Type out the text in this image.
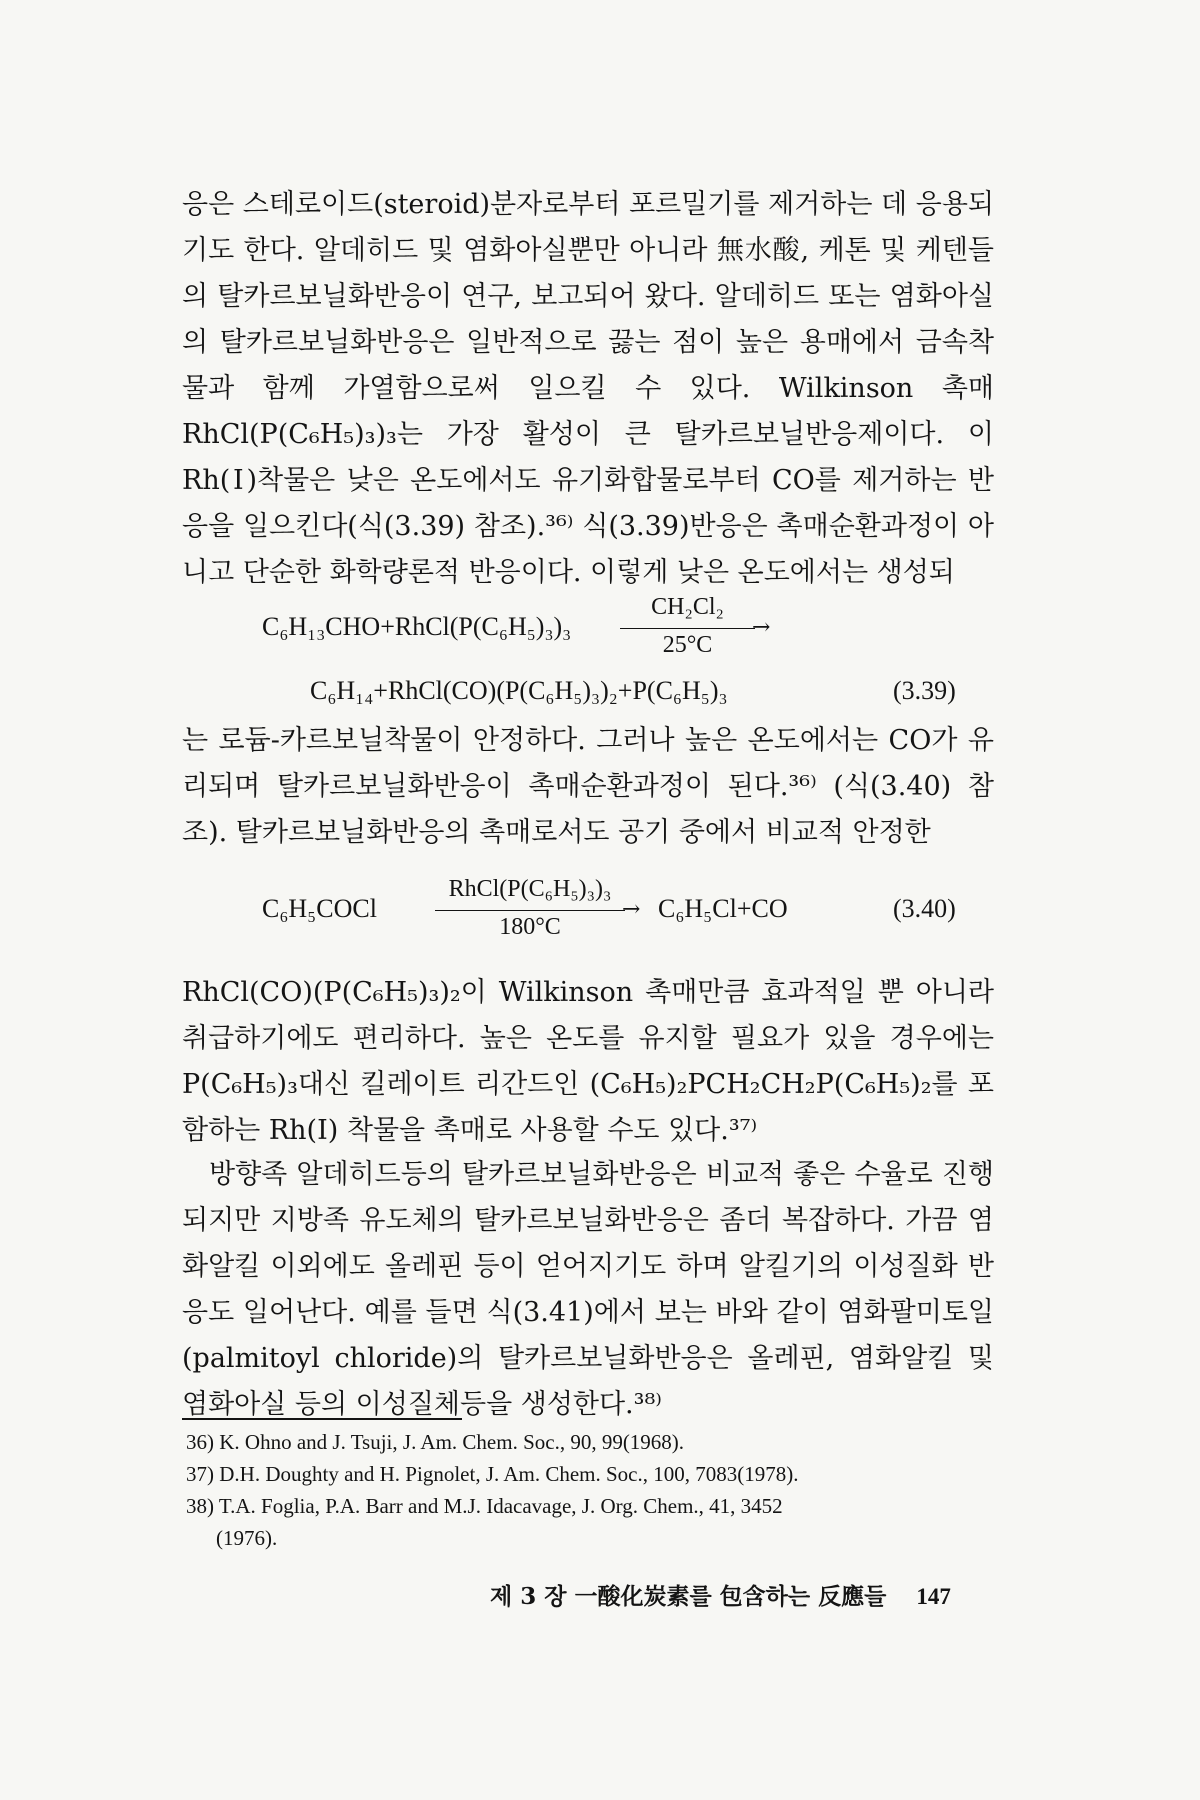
응은 스테로이드(steroid)분자로부터 포르밀기를 제거하는 데 응용되기도 한다. 알데히드 및 염화아실뿐만 아니라 無水酸, 케톤 및 케텐들의 탈카르보닐화반응이 연구, 보고되어 왔다. 알데히드 또는 염화아실의 탈카르보닐화반응은 일반적으로 끓는 점이 높은 용매에서 금속착물과 함께 가열함으로써 일으킬 수 있다. Wilkinson 촉매 RhCl(P(C₆H₅)₃)₃는 가장 활성이 큰 탈카르보닐반응제이다. 이 Rh(Ⅰ)착물은 낮은 온도에서도 유기화합물로부터 CO를 제거하는 반응을 일으킨다(식(3.39) 참조).³⁶⁾ 식(3.39)반응은 촉매순환과정이 아니고 단순한 화학량론적 반응이다. 이렇게 낮은 온도에서는 생성되

C₆H₁₃CHO+RhCl(P(C₆H₅)₃)₃
CH₂Cl₂
→
25°C
C₆H₁₄+RhCl(CO)(P(C₆H₅)₃)₂+P(C₆H₅)₃	(3.39)

는 로듐-카르보닐착물이 안정하다. 그러나 높은 온도에서는 CO가 유리되며 탈카르보닐화반응이 촉매순환과정이 된다.³⁶⁾ (식(3.40) 참조). 탈카르보닐화반응의 촉매로서도 공기 중에서 비교적 안정한

C₆H₅COCl
RhCl(P(C₆H₅)₃)₃
→
180°C
C₆H₅Cl+CO	(3.40)

RhCl(CO)(P(C₆H₅)₃)₂이 Wilkinson 촉매만큼 효과적일 뿐 아니라 취급하기에도 편리하다. 높은 온도를 유지할 필요가 있을 경우에는 P(C₆H₅)₃대신 킬레이트 리간드인 (C₆H₅)₂PCH₂CH₂P(C₆H₅)₂를 포함하는 Rh(Ⅰ) 착물을 촉매로 사용할 수도 있다.³⁷⁾

방향족 알데히드등의 탈카르보닐화반응은 비교적 좋은 수율로 진행되지만 지방족 유도체의 탈카르보닐화반응은 좀더 복잡하다. 가끔 염화알킬 이외에도 올레핀 등이 얻어지기도 하며 알킬기의 이성질화 반응도 일어난다. 예를 들면 식(3.41)에서 보는 바와 같이 염화팔미토일(palmitoyl chloride)의 탈카르보닐화반응은 올레핀, 염화알킬 및 염화아실 등의 이성질체등을 생성한다.³⁸⁾

36) K. Ohno and J. Tsuji, J. Am. Chem. Soc., 90, 99(1968).
37) D.H. Doughty and H. Pignolet, J. Am. Chem. Soc., 100, 7083(1978).
38) T.A. Foglia, P.A. Barr and M.J. Idacavage, J. Org. Chem., 41, 3452
(1976).
제 3 장 一酸化炭素를 包含하는 反應들 147
